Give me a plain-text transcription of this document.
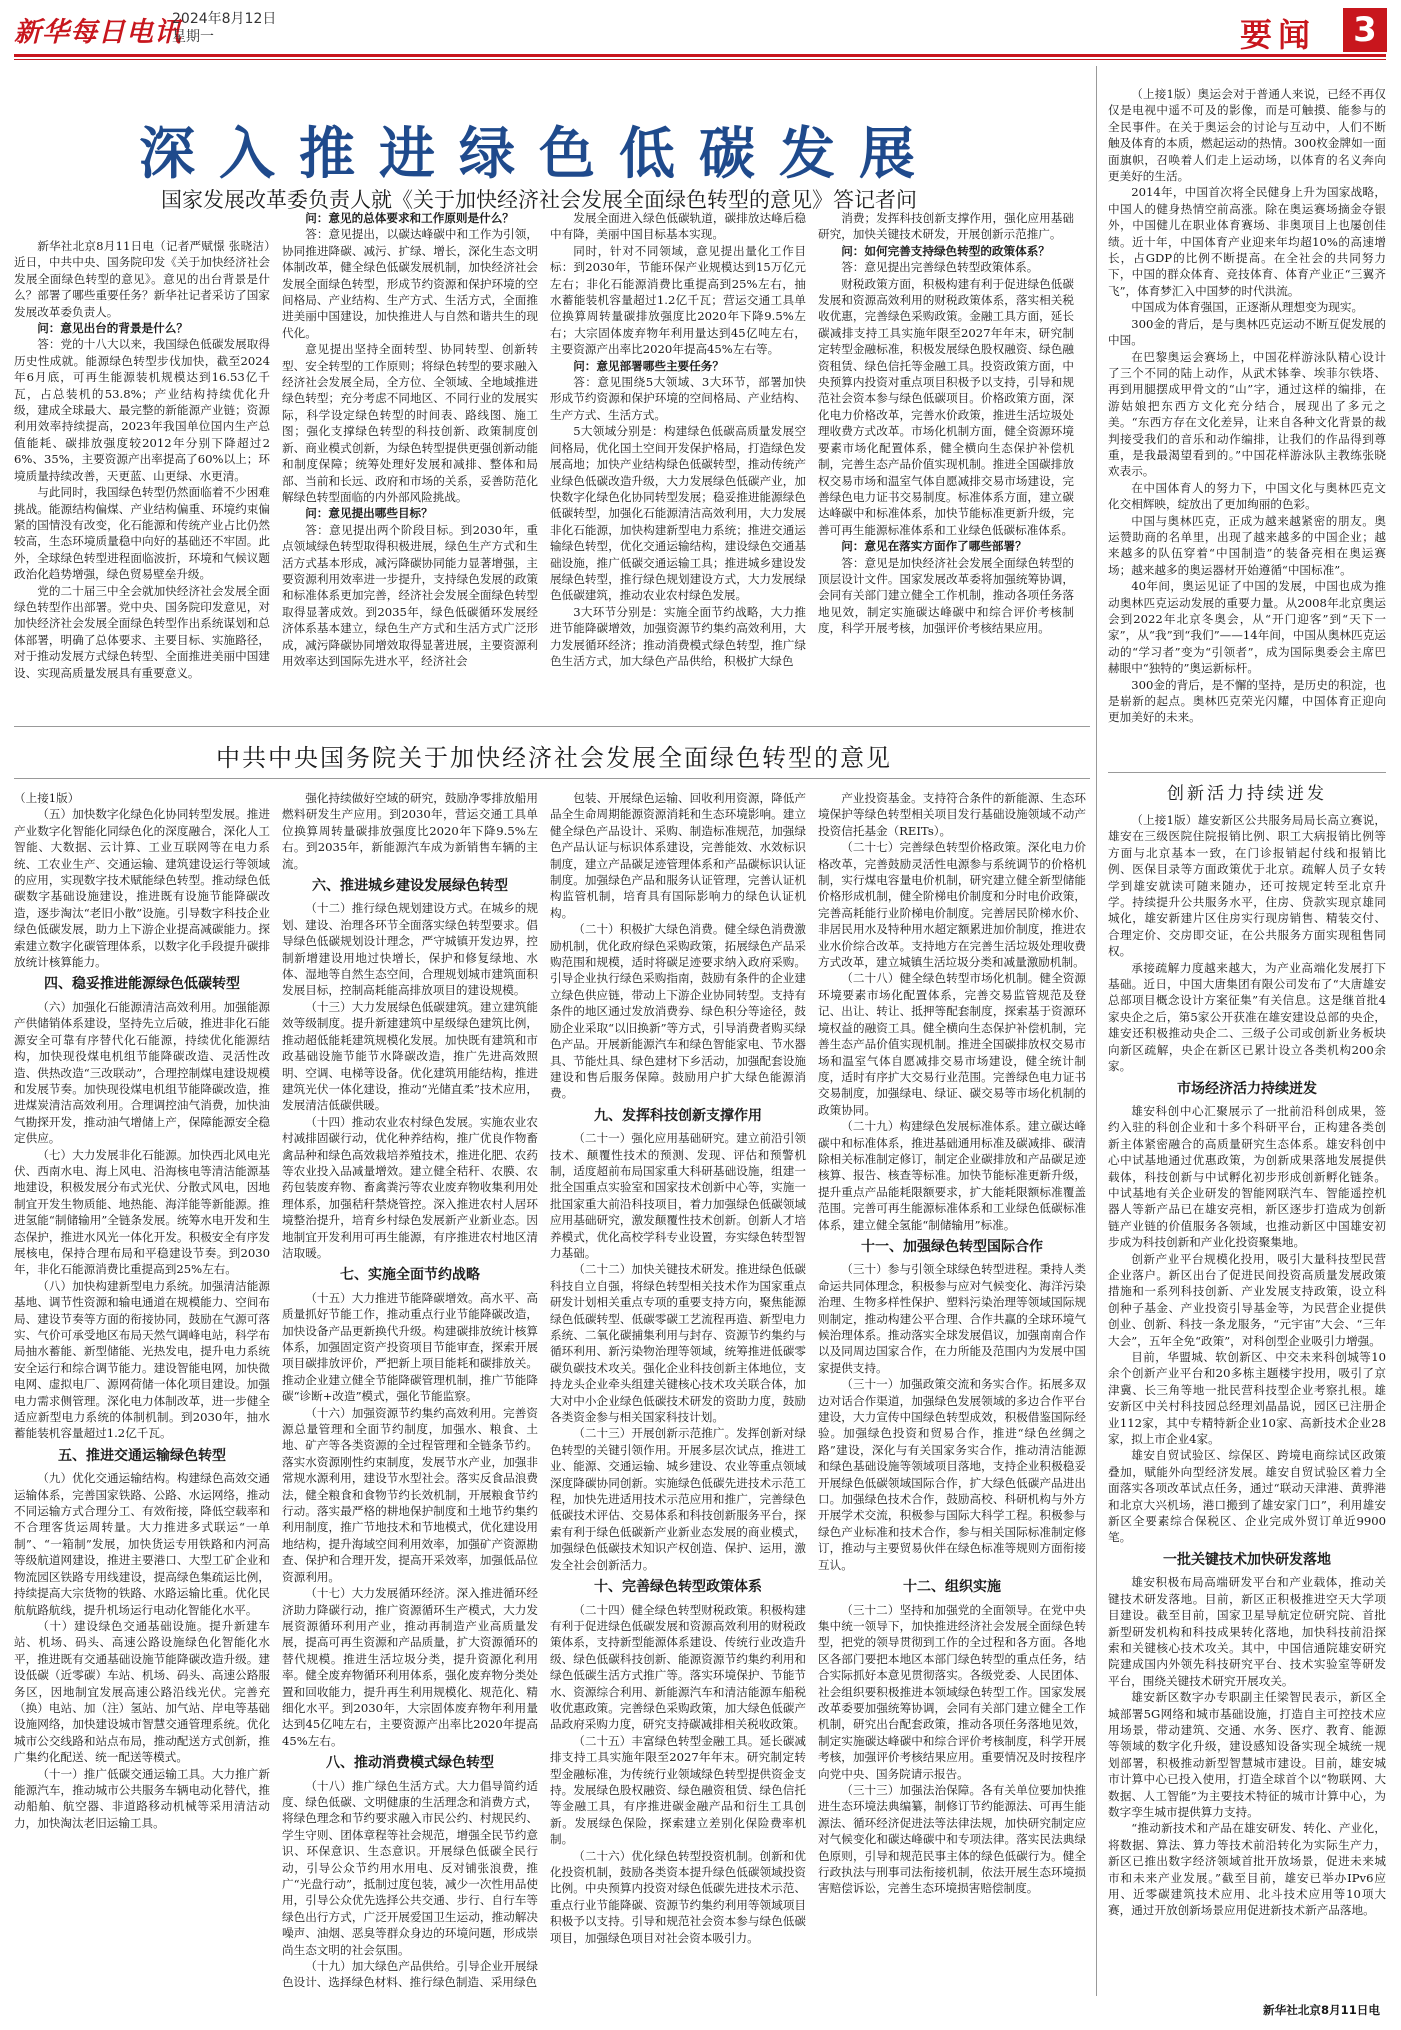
新华每日电讯
2024年8月12日
星期一	要闻 3
深入推进绿色低碳发展
国家发展改革委负责人就《关于加快经济社会发展全面绿色转型的意见》答记者问

新华社北京8月11日电（记者严赋憬 张晓洁）近日，中共中央、国务院印发《关于加快经济社会发展全面绿色转型的意见》。意见的出台背景是什么？部署了哪些重要任务？新华社记者采访了国家发展改革委负责人。

问：意见出台的背景是什么？

答：党的十八大以来，我国绿色低碳发展取得历史性成就。能源绿色转型步伐加快，截至2024年6月底，可再生能源装机规模达到16.53亿千瓦，占总装机的53.8%；产业结构持续优化升级，建成全球最大、最完整的新能源产业链；资源利用效率持续提高，2023年我国单位国内生产总值能耗、碳排放强度较2012年分别下降超过26%、35%，主要资源产出率提高了60%以上；环境质量持续改善，天更蓝、山更绿、水更清。

与此同时，我国绿色转型仍然面临着不少困难挑战。能源结构偏煤、产业结构偏重、环境约束偏紧的国情没有改变，化石能源和传统产业占比仍然较高，生态环境质量稳中向好的基础还不牢固。此外，全球绿色转型进程面临波折，环境和气候议题政治化趋势增强，绿色贸易壁垒升级。

党的二十届三中全会就加快经济社会发展全面绿色转型作出部署。党中央、国务院印发意见，对加快经济社会发展全面绿色转型作出系统谋划和总体部署，明确了总体要求、主要目标、实施路径，对于推动发展方式绿色转型、全面推进美丽中国建设、实现高质量发展具有重要意义。

问：意见的总体要求和工作原则是什么？

答：意见提出，以碳达峰碳中和工作为引领，协同推进降碳、减污、扩绿、增长，深化生态文明体制改革，健全绿色低碳发展机制，加快经济社会发展全面绿色转型，形成节约资源和保护环境的空间格局、产业结构、生产方式、生活方式，全面推进美丽中国建设，加快推进人与自然和谐共生的现代化。

意见提出坚持全面转型、协同转型、创新转型、安全转型的工作原则；将绿色转型的要求融入经济社会发展全局，全方位、全领域、全地域推进绿色转型；充分考虑不同地区、不同行业的发展实际，科学设定绿色转型的时间表、路线图、施工图；强化支撑绿色转型的科技创新、政策制度创新、商业模式创新，为绿色转型提供更强创新动能和制度保障；统筹处理好发展和减排、整体和局部、当前和长远、政府和市场的关系，妥善防范化解绿色转型面临的内外部风险挑战。

问：意见提出哪些目标？

答：意见提出两个阶段目标。到2030年，重点领域绿色转型取得积极进展，绿色生产方式和生活方式基本形成，减污降碳协同能力显著增强，主要资源利用效率进一步提升，支持绿色发展的政策和标准体系更加完善，经济社会发展全面绿色转型取得显著成效。到2035年，绿色低碳循环发展经济体系基本建立，绿色生产方式和生活方式广泛形成，减污降碳协同增效取得显著进展，主要资源利用效率达到国际先进水平，经济社会

发展全面进入绿色低碳轨道，碳排放达峰后稳中有降，美丽中国目标基本实现。

同时，针对不同领域，意见提出量化工作目标：到2030年，节能环保产业规模达到15万亿元左右；非化石能源消费比重提高到25%左右，抽水蓄能装机容量超过1.2亿千瓦；营运交通工具单位换算周转量碳排放强度比2020年下降9.5%左右；大宗固体废弃物年利用量达到45亿吨左右，主要资源产出率比2020年提高45%左右等。

问：意见部署哪些主要任务？

答：意见围绕5大领域、3大环节，部署加快形成节约资源和保护环境的空间格局、产业结构、生产方式、生活方式。

5大领域分别是：构建绿色低碳高质量发展空间格局，优化国土空间开发保护格局，打造绿色发展高地；加快产业结构绿色低碳转型，推动传统产业绿色低碳改造升级，大力发展绿色低碳产业，加快数字化绿色化协同转型发展；稳妥推进能源绿色低碳转型，加强化石能源清洁高效利用，大力发展非化石能源，加快构建新型电力系统；推进交通运输绿色转型，优化交通运输结构，建设绿色交通基础设施，推广低碳交通运输工具；推进城乡建设发展绿色转型，推行绿色规划建设方式，大力发展绿色低碳建筑，推动农业农村绿色发展。

3大环节分别是：实施全面节约战略，大力推进节能降碳增效，加强资源节约集约高效利用，大力发展循环经济；推动消费模式绿色转型，推广绿色生活方式，加大绿色产品供给，积极扩大绿色

消费；发挥科技创新支撑作用，强化应用基础研究，加快关键技术研发，开展创新示范推广。

问：如何完善支持绿色转型的政策体系？

答：意见提出完善绿色转型政策体系。

财税政策方面，积极构建有利于促进绿色低碳发展和资源高效利用的财税政策体系，落实相关税收优惠，完善绿色采购政策。金融工具方面，延长碳减排支持工具实施年限至2027年年末，研究制定转型金融标准，积极发展绿色股权融资、绿色融资租赁、绿色信托等金融工具。投资政策方面，中央预算内投资对重点项目积极予以支持，引导和规范社会资本参与绿色低碳项目。价格政策方面，深化电力价格改革，完善水价政策，推进生活垃圾处理收费方式改革。市场化机制方面，健全资源环境要素市场化配置体系，健全横向生态保护补偿机制，完善生态产品价值实现机制。推进全国碳排放权交易市场和温室气体自愿减排交易市场建设，完善绿色电力证书交易制度。标准体系方面，建立碳达峰碳中和标准体系，加快节能标准更新升级，完善可再生能源标准体系和工业绿色低碳标准体系。

问：意见在落实方面作了哪些部署？

答：意见是加快经济社会发展全面绿色转型的顶层设计文件。国家发展改革委将加强统筹协调，会同有关部门建立健全工作机制，推动各项任务落地见效，制定实施碳达峰碳中和综合评价考核制度，科学开展考核，加强评价考核结果应用。

（上接1版）奥运会对于普通人来说，已经不再仅仅是电视中遥不可及的影像，而是可触摸、能参与的全民事件。在关于奥运会的讨论与互动中，人们不断触及体育的本质，燃起运动的热情。300枚金牌如一面面旗帜，召唤着人们走上运动场，以体育的名义奔向更美好的生活。

2014年，中国首次将全民健身上升为国家战略，中国人的健身热情空前高涨。除在奥运赛场摘金夺银外，中国健儿在职业体育赛场、非奥项目上也屡创佳绩。近十年，中国体育产业迎来年均超10%的高速增长，占GDP的比例不断提高。在全社会的共同努力下，中国的群众体育、竞技体育、体育产业正“三翼齐飞”，体育梦汇入中国梦的时代洪流。

中国成为体育强国，正逐渐从理想变为现实。

300金的背后，是与奥林匹克运动不断互促发展的中国。

在巴黎奥运会赛场上，中国花样游泳队精心设计了三个不同的陆上动作，从武术钵拳、埃菲尔铁塔、再到用腿摆成甲骨文的“山”字，通过这样的编排，在游姑娘把东西方文化充分结合，展现出了多元之美。“东西方存在文化差异，让来自各种文化背景的裁判接受我们的音乐和动作编排，让我们的作品得到尊重，是我最渴望看到的。”中国花样游泳队主教练张晓欢表示。

在中国体育人的努力下，中国文化与奥林匹克文化交相辉映，绽放出了更加绚丽的色彩。

中国与奥林匹克，正成为越来越紧密的朋友。奥运赞助商的名单里，出现了越来越多的中国企业；越来越多的队伍穿着“中国制造”的装备亮相在奥运赛场；越来越多的奥运器材开始遵循“中国标准”。

40年间，奥运见证了中国的发展，中国也成为推动奥林匹克运动发展的重要力量。从2008年北京奥运会到2022年北京冬奥会，从“开门迎客”到“天下一家”，从“我”到“我们”——14年间，中国从奥林匹克运动的“学习者”变为“引领者”，成为国际奥委会主席巴赫眼中“独特的”奥运新标杆。

300金的背后，是不懈的坚持，是历史的积淀，也是崭新的起点。奥林匹克荣光闪耀，中国体育正迎向更加美好的未来。

中共中央国务院关于加快经济社会发展全面绿色转型的意见

（上接1版）

（五）加快数字化绿色化协同转型发展。推进产业数字化智能化同绿色化的深度融合，深化人工智能、大数据、云计算、工业互联网等在电力系统、工农业生产、交通运输、建筑建设运行等领域的应用，实现数字技术赋能绿色转型。推动绿色低碳数字基础设施建设，推进既有设施节能降碳改造，逐步淘汰“老旧小散”设施。引导数字科技企业绿色低碳发展，助力上下游企业提高减碳能力。探索建立数字化碳管理体系，以数字化手段提升碳排放统计核算能力。

四、稳妥推进能源绿色低碳转型

（六）加强化石能源清洁高效利用。加强能源产供储销体系建设，坚持先立后破，推进非化石能源安全可靠有序替代化石能源，持续优化能源结构，加快现役煤电机组节能降碳改造、灵活性改造、供热改造“三改联动”，合理控制煤电建设规模和发展节奏。加快现役煤电机组节能降碳改造，推进煤炭清洁高效利用。合理调控油气消费，加快油气勘探开发，推动油气增储上产，保障能源安全稳定供应。

（七）大力发展非化石能源。加快西北风电光伏、西南水电、海上风电、沿海核电等清洁能源基地建设，积极发展分布式光伏、分散式风电，因地制宜开发生物质能、地热能、海洋能等新能源。推进氢能“制储输用”全链条发展。统筹水电开发和生态保护，推进水风光一体化开发。积极安全有序发展核电，保持合理布局和平稳建设节奏。到2030年，非化石能源消费比重提高到25%左右。

（八）加快构建新型电力系统。加强清洁能源基地、调节性资源和输电通道在规模能力、空间布局、建设节奏等方面的衔接协同，鼓励在气源可落实、气价可承受地区布局天然气调峰电站，科学布局抽水蓄能、新型储能、光热发电，提升电力系统安全运行和综合调节能力。建设智能电网，加快微电网、虚拟电厂、源网荷储一体化项目建设。加强电力需求侧管理。深化电力体制改革，进一步健全适应新型电力系统的体制机制。到2030年，抽水蓄能装机容量超过1.2亿千瓦。

五、推进交通运输绿色转型

（九）优化交通运输结构。构建绿色高效交通运输体系，完善国家铁路、公路、水运网络，推动不同运输方式合理分工、有效衔接，降低空载率和不合理客货运周转量。大力推进多式联运“一单制”、“一箱制”发展，加快货运专用铁路和内河高等级航道网建设，推进主要港口、大型工矿企业和物流园区铁路专用线建设，提高绿色集疏运比例，持续提高大宗货物的铁路、水路运输比重。优化民航航路航线，提升机场运行电动化智能化水平。

（十）建设绿色交通基础设施。提升新建车站、机场、码头、高速公路设施绿色化智能化水平，推进既有交通基础设施节能降碳改造升级。建设低碳（近零碳）车站、机场、码头、高速公路服务区，因地制宜发展高速公路沿线光伏。完善充（换）电站、加（注）氢站、加气站、岸电等基础设施网络，加快建设城市智慧交通管理系统。优化城市公交线路和站点布局，推动配送方式创新，推广集约化配送、统一配送等模式。

（十一）推广低碳交通运输工具。大力推广新能源汽车，推动城市公共服务车辆电动化替代，推动船舶、航空器、非道路移动机械等采用清洁动力，加快淘汰老旧运输工具。

强化持续做好空域的研究，鼓励净零排放船用燃料研发生产应用。到2030年，营运交通工具单位换算周转量碳排放强度比2020年下降9.5%左右。到2035年，新能源汽车成为新销售车辆的主流。

六、推进城乡建设发展绿色转型

（十二）推行绿色规划建设方式。在城乡的规划、建设、治理各环节全面落实绿色转型要求。倡导绿色低碳规划设计理念，严守城镇开发边界，控制新增建设用地过快增长，保护和修复绿地、水体、湿地等自然生态空间，合理规划城市建筑面积发展目标，控制高耗能高排放项目的建设规模。

（十三）大力发展绿色低碳建筑。建立建筑能效等级制度。提升新建建筑中星级绿色建筑比例，推动超低能耗建筑规模化发展。加快既有建筑和市政基础设施节能节水降碳改造，推广先进高效照明、空调、电梯等设备。优化建筑用能结构，推进建筑光伏一体化建设，推动“光储直柔”技术应用，发展清洁低碳供暖。

（十四）推动农业农村绿色发展。实施农业农村减排固碳行动，优化种养结构，推广优良作物畜禽品种和绿色高效栽培养殖技术，推进化肥、农药等农业投入品减量增效。建立健全秸秆、农膜、农药包装废弃物、畜禽粪污等农业废弃物收集利用处理体系，加强秸秆禁烧管控。深入推进农村人居环境整治提升，培育乡村绿色发展新产业新业态。因地制宜开发利用可再生能源，有序推进农村地区清洁取暖。

七、实施全面节约战略

（十五）大力推进节能降碳增效。高水平、高质量抓好节能工作，推动重点行业节能降碳改造，加快设备产品更新换代升级。构建碳排放统计核算体系，加强固定资产投资项目节能审查，探索开展项目碳排放评价，严把新上项目能耗和碳排放关。推动企业建立健全节能降碳管理机制，推广节能降碳“诊断+改造”模式，强化节能监察。

（十六）加强资源节约集约高效利用。完善资源总量管理和全面节约制度，加强水、粮食、土地、矿产等各类资源的全过程管理和全链条节约。落实水资源刚性约束制度，发展节水产业，加强非常规水源利用，建设节水型社会。落实反食品浪费法，健全粮食和食物节约长效机制，开展粮食节约行动。落实最严格的耕地保护制度和土地节约集约利用制度，推广节地技术和节地模式，优化建设用地结构，提升海域空间利用效率，加强矿产资源勘查、保护和合理开发，提高开采效率，加强低品位资源利用。

（十七）大力发展循环经济。深入推进循环经济助力降碳行动，推广资源循环生产模式，大力发展资源循环利用产业，推动再制造产业高质量发展，提高可再生资源和产品质量，扩大资源循环的替代规模。推进生活垃圾分类，提升资源化利用率。健全废弃物循环利用体系，强化废弃物分类处置和回收能力，提升再生利用规模化、规范化、精细化水平。到2030年，大宗固体废弃物年利用量达到45亿吨左右，主要资源产出率比2020年提高45%左右。

八、推动消费模式绿色转型

（十八）推广绿色生活方式。大力倡导简约适度、绿色低碳、文明健康的生活理念和消费方式，将绿色理念和节约要求融入市民公约、村规民约、学生守则、团体章程等社会规范，增强全民节约意识、环保意识、生态意识。开展绿色低碳全民行动，引导公众节约用水用电、反对铺张浪费，推广“光盘行动”，抵制过度包装，减少一次性用品使用，引导公众优先选择公共交通、步行、自行车等绿色出行方式，广泛开展爱国卫生运动，推动解决噪声、油烟、恶臭等群众身边的环境问题，形成崇尚生态文明的社会氛围。

（十九）加大绿色产品供给。引导企业开展绿色设计、选择绿色材料、推行绿色制造、采用绿色

包装、开展绿色运输、回收利用资源，降低产品全生命周期能源资源消耗和生态环境影响。建立健全绿色产品设计、采购、制造标准规范，加强绿色产品认证与标识体系建设，完善能效、水效标识制度，建立产品碳足迹管理体系和产品碳标识认证制度。加强绿色产品和服务认证管理，完善认证机构监管机制，培育具有国际影响力的绿色认证机构。

（二十）积极扩大绿色消费。健全绿色消费激励机制，优化政府绿色采购政策，拓展绿色产品采购范围和规模，适时将碳足迹要求纳入政府采购。引导企业执行绿色采购指南，鼓励有条件的企业建立绿色供应链，带动上下游企业协同转型。支持有条件的地区通过发放消费券、绿色积分等途径，鼓励企业采取“以旧换新”等方式，引导消费者购买绿色产品。开展新能源汽车和绿色智能家电、节水器具、节能灶具、绿色建材下乡活动，加强配套设施建设和售后服务保障。鼓励用户扩大绿色能源消费。

九、发挥科技创新支撑作用

（二十一）强化应用基础研究。建立前沿引领技术、颠覆性技术的预测、发现、评估和预警机制，适度超前布局国家重大科研基础设施，组建一批全国重点实验室和国家技术创新中心等，实施一批国家重大前沿科技项目，着力加强绿色低碳领域应用基础研究，激发颠覆性技术创新。创新人才培养模式，优化高校学科专业设置，夯实绿色转型智力基础。

（二十二）加快关键技术研发。推进绿色低碳科技自立自强，将绿色转型相关技术作为国家重点研发计划相关重点专项的重要支持方向，聚焦能源绿色低碳转型、低碳零碳工艺流程再造、新型电力系统、二氧化碳捕集利用与封存、资源节约集约与循环利用、新污染物治理等领域，统筹推进低碳零碳负碳技术攻关。强化企业科技创新主体地位，支持龙头企业牵头组建关键核心技术攻关联合体，加大对中小企业绿色低碳技术研发的资助力度，鼓励各类资金参与相关国家科技计划。

（二十三）开展创新示范推广。发挥创新对绿色转型的关键引领作用。开展多层次试点，推进工业、能源、交通运输、城乡建设、农业等重点领域深度降碳协同创新。实施绿色低碳先进技术示范工程，加快先进适用技术示范应用和推广，完善绿色低碳技术评估、交易体系和科技创新服务平台，探索有利于绿色低碳新产业新业态发展的商业模式，加强绿色低碳技术知识产权创造、保护、运用，激发全社会创新活力。

十、完善绿色转型政策体系

（二十四）健全绿色转型财税政策。积极构建有利于促进绿色低碳发展和资源高效利用的财税政策体系，支持新型能源体系建设、传统行业改造升级、绿色低碳科技创新、能源资源节约集约利用和绿色低碳生活方式推广等。落实环境保护、节能节水、资源综合利用、新能源汽车和清洁能源车船税收优惠政策。完善绿色采购政策，加大绿色低碳产品政府采购力度，研究支持碳减排相关税收政策。

（二十五）丰富绿色转型金融工具。延长碳减排支持工具实施年限至2027年年末。研究制定转型金融标准，为传统行业领域绿色转型提供资金支持。发展绿色股权融资、绿色融资租赁、绿色信托等金融工具，有序推进碳金融产品和衍生工具创新。发展绿色保险，探索建立差别化保险费率机制。

（二十六）优化绿色转型投资机制。创新和优化投资机制，鼓励各类资本提升绿色低碳领域投资比例。中央预算内投资对绿色低碳先进技术示范、重点行业节能降碳、资源节约集约利用等领域项目积极予以支持。引导和规范社会资本参与绿色低碳项目，加强绿色项目对社会资本吸引力。

产业投资基金。支持符合条件的新能源、生态环境保护等绿色转型相关项目发行基础设施领域不动产投资信托基金（REITs）。

（二十七）完善绿色转型价格政策。深化电力价格改革，完善鼓励灵活性电源参与系统调节的价格机制，实行煤电容量电价机制，研究建立健全新型储能价格形成机制，健全阶梯电价制度和分时电价政策，完善高耗能行业阶梯电价制度。完善居民阶梯水价、非居民用水及特种用水超定额累进加价制度，推进农业水价综合改革。支持地方在完善生活垃圾处理收费方式改革，建立城镇生活垃圾分类和减量激励机制。

（二十八）健全绿色转型市场化机制。健全资源环境要素市场化配置体系，完善交易监管规范及登记、出让、转让、抵押等配套制度，探索基于资源环境权益的融资工具。健全横向生态保护补偿机制，完善生态产品价值实现机制。推进全国碳排放权交易市场和温室气体自愿减排交易市场建设，健全统计制度，适时有序扩大交易行业范围。完善绿色电力证书交易制度，加强绿电、绿证、碳交易等市场化机制的政策协同。

（二十九）构建绿色发展标准体系。建立碳达峰碳中和标准体系，推进基础通用标准及碳减排、碳清除相关标准制定修订，制定企业碳排放和产品碳足迹核算、报告、核查等标准。加快节能标准更新升级，提升重点产品能耗限额要求，扩大能耗限额标准覆盖范围。完善可再生能源标准体系和工业绿色低碳标准体系，建立健全氢能“制储输用”标准。

十一、加强绿色转型国际合作

（三十）参与引领全球绿色转型进程。秉持人类命运共同体理念，积极参与应对气候变化、海洋污染治理、生物多样性保护、塑料污染治理等领域国际规则制定，推动构建公平合理、合作共赢的全球环境气候治理体系。推动落实全球发展倡议，加强南南合作以及同周边国家合作，在力所能及范围内为发展中国家提供支持。

（三十一）加强政策交流和务实合作。拓展多双边对话合作渠道，加强绿色发展领域的多边合作平台建设，大力宣传中国绿色转型成效，积极借鉴国际经验。加强绿色投资和贸易合作，推进“绿色丝绸之路”建设，深化与有关国家务实合作，推动清洁能源和绿色基础设施等领域项目落地，支持企业积极稳妥开展绿色低碳领域国际合作，扩大绿色低碳产品进出口。加强绿色技术合作，鼓励高校、科研机构与外方开展学术交流，积极参与国际大科学工程。积极参与绿色产业标准和技术合作，参与相关国际标准制定修订，推动与主要贸易伙伴在绿色标准等规则方面衔接互认。

十二、组织实施

（三十二）坚持和加强党的全面领导。在党中央集中统一领导下，加快推进经济社会发展全面绿色转型，把党的领导贯彻到工作的全过程和各方面。各地区各部门要把本地区本部门绿色转型的重点任务，结合实际抓好本意见贯彻落实。各级党委、人民团体、社会组织要积极推进本领域绿色转型工作。国家发展改革委要加强统筹协调，会同有关部门建立健全工作机制，研究出台配套政策，推动各项任务落地见效，制定实施碳达峰碳中和综合评价考核制度，科学开展考核，加强评价考核结果应用。重要情况及时按程序向党中央、国务院请示报告。

（三十三）加强法治保障。各有关单位要加快推进生态环境法典编纂，制修订节约能源法、可再生能源法、循环经济促进法等法律法规，加快研究制定应对气候变化和碳达峰碳中和专项法律。落实民法典绿色原则，引导和规范民事主体的绿色低碳行为。健全行政执法与刑事司法衔接机制，依法开展生态环境损害赔偿诉讼，完善生态环境损害赔偿制度。

创新活力持续迸发

（上接1版）雄安新区公共服务局局长高立赛说，雄安在三级医院住院报销比例、职工大病报销比例等方面与北京基本一致，在门诊报销起付线和报销比例、医保目录等方面政策优于北京。疏解人员子女转学到雄安就读可随来随办，还可按规定转至北京升学。持续提升公共服务水平，住房、贷款实现京雄同城化，雄安新建片区住房实行现房销售、精装交付、合理定价、交房即交证，在公共服务方面实现租售同权。

承接疏解力度越来越大，为产业高端化发展打下基础。近日，中国大唐集团有限公司发布了“大唐雄安总部项目概念设计方案征集”有关信息。这是继首批4家央企之后，第5家公开获准在雄安建设总部的央企，雄安还积极推动央企二、三级子公司或创新业务板块向新区疏解，央企在新区已累计设立各类机构200余家。

市场经济活力持续迸发

雄安科创中心汇聚展示了一批前沿科创成果，签约入驻的科创企业和十多个科研平台，正构建各类创新主体紧密融合的高质量研究生态体系。雄安科创中心中试基地通过优惠政策，为创新成果落地发展提供载体，科技创新与中试孵化初步形成创新孵化链条。中试基地有关企业研发的智能网联汽车、智能遥控机器人等新产品已在雄安亮相，新区逐步打造成为创新链产业链的价值服务各领域，也推动新区中国雄安初步成为科技创新和产业化投资聚集地。

创新产业平台规模化投用，吸引大量科技型民营企业落户。新区出台了促进民间投资高质量发展政策措施和一系列科技创新、产业发展支持政策，设立科创种子基金、产业投资引导基金等，为民营企业提供创业、创新、科技一条龙服务，“元宇宙”大会、“三年大会”，五年全免“政策”，对科创型企业吸引力增强。

目前，华盟城、软创新区、中交未来科创城等10余个创新产业平台和20多栋主题楼宇投用，吸引了京津冀、长三角等地一批民营科技型企业考察扎根。雄安新区中关村科技园总经理刘晶晶说，园区已注册企业112家，其中专精特新企业10家、高新技术企业28家，拟上市企业4家。

雄安自贸试验区、综保区、跨境电商综试区政策叠加，赋能外向型经济发展。雄安自贸试验区着力全面落实各项改革试点任务，通过“联动天津港、黄骅港和北京大兴机场，港口搬到了雄安家门口”，利用雄安新区全要素综合保税区、企业完成外贸订单近9900笔。

一批关键技术加快研发落地

雄安积极布局高端研发平台和产业载体，推动关键技术研发落地。目前，新区正积极推进空天大学项目建设。截至目前，国家卫星导航定位研究院、首批新型研发机构和科技成果转化落地，加快科技前沿探索和关键核心技术攻关。其中，中国信通院雄安研究院建成国内外领先科技研究平台、技术实验室等研发平台，围绕关键技术研究开展攻关。

雄安新区数字办专职副主任梁智民表示，新区全城部署5G网络和城市基础设施，打造自主可控技术应用场景，带动建筑、交通、水务、医疗、教育、能源等领域的数字化升级，建设感知设备实现全城统一规划部署，积极推动新型智慧城市建设。目前，雄安城市计算中心已投入使用，打造全球首个以“物联网、大数据、人工智能”为主要技术特征的城市计算中心，为数字孪生城市提供算力支持。

“推动新技术和产品在雄安研发、转化、产业化，将数据、算法、算力等技术前沿转化为实际生产力，新区已推出数字经济领域首批开放场景，促进未来城市和未来产业发展。”截至目前，雄安已举办IPv6应用、近零碳建筑技术应用、北斗技术应用等10项大赛，通过开放创新场景应用促进新技术新产品落地。

新华社北京8月11日电
